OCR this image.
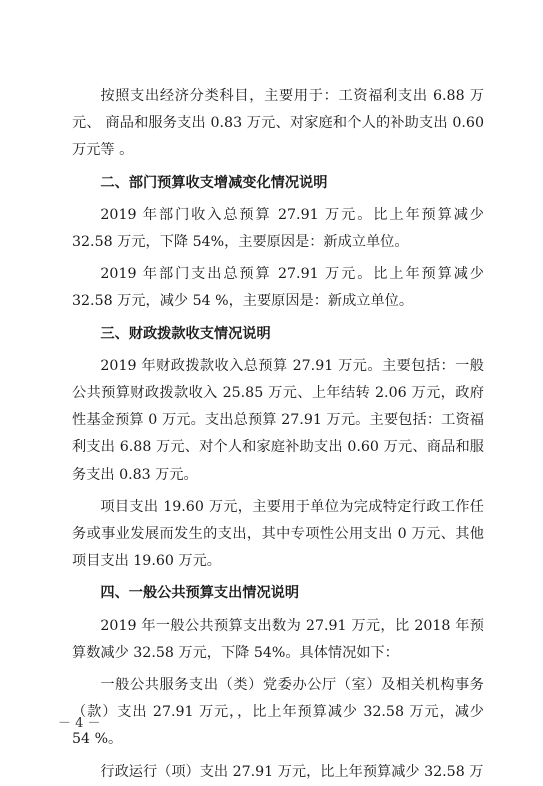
按照支出经济分类科目，主要用于：工资福利支出 6.88 万元、 商品和服务支出 0.83 万元、对家庭和个人的补助支出 0.60 万元等 。

二、部门预算收支增减变化情况说明

2019 年部门收入总预算 27.91 万元。比上年预算减少 32.58 万元，下降 54%，主要原因是：新成立单位。

2019 年部门支出总预算 27.91 万元。比上年预算减少 32.58 万元，减少 54 %，主要原因是：新成立单位。

三、财政拨款收支情况说明

2019 年财政拨款收入总预算 27.91 万元。主要包括：一般公共预算财政拨款收入 25.85 万元、上年结转 2.06 万元，政府性基金预算 0 万元。支出总预算 27.91 万元。主要包括：工资福利支出 6.88 万元、对个人和家庭补助支出 0.60 万元、商品和服务支出 0.83 万元。

项目支出 19.60 万元，主要用于单位为完成特定行政工作任务或事业发展而发生的支出，其中专项性公用支出 0 万元、其他项目支出 19.60 万元。

四、一般公共预算支出情况说明

2019 年一般公共预算支出数为 27.91 万元，比 2018 年预算数减少 32.58 万元，下降 54%。具体情况如下：

一般公共服务支出（类）党委办公厅（室）及相关机构事务（款）支出 27.91 万元，，比上年预算减少 32.58 万元，减少 54 %。

行政运行（项）支出 27.91 万元，比上年预算减少 32.58 万

－ 4 －
